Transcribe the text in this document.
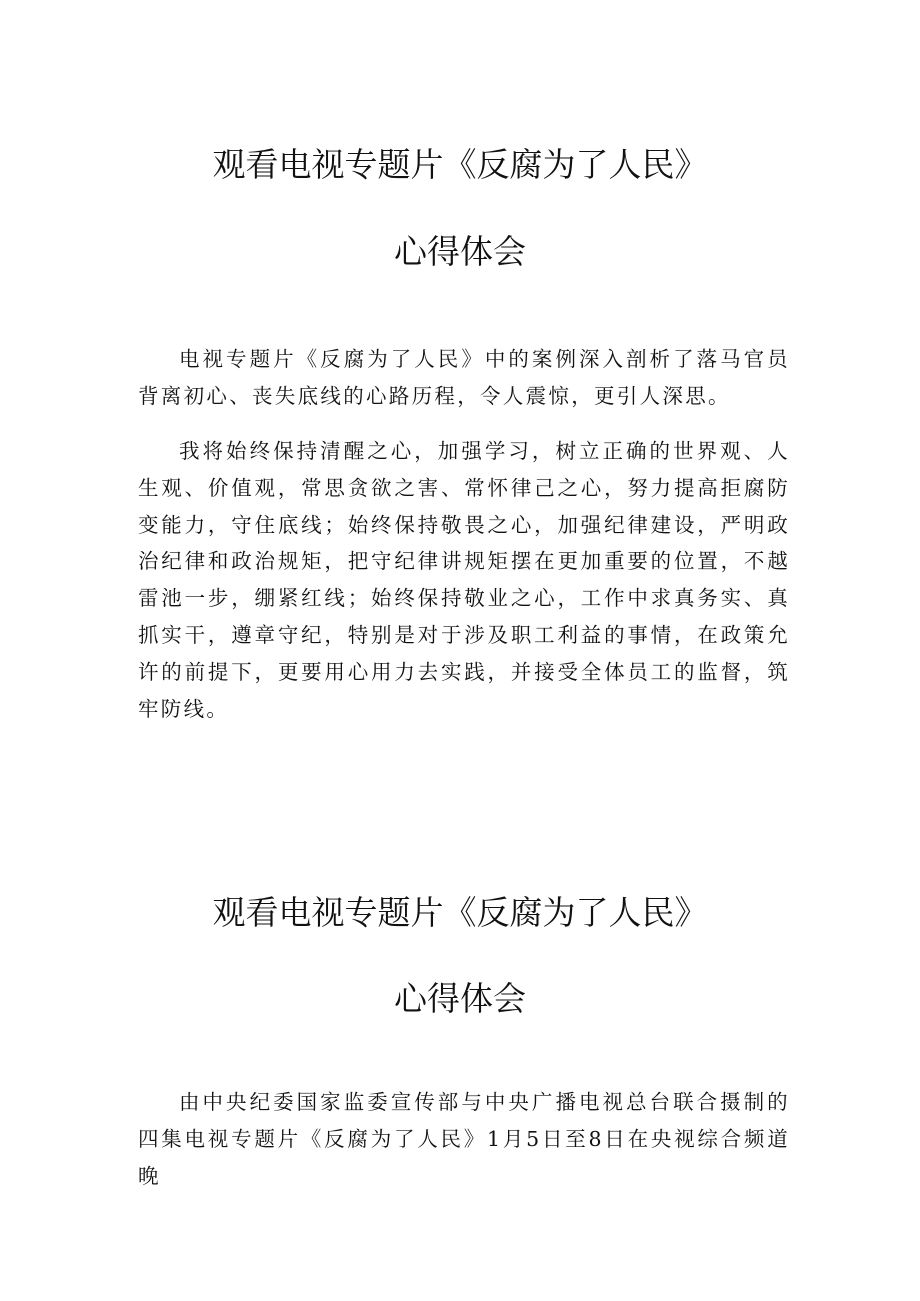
观看电视专题片《反腐为了人民》
心得体会

电视专题片《反腐为了人民》中的案例深入剖析了落马官员背离初心、丧失底线的心路历程，令人震惊，更引人深思。

我将始终保持清醒之心，加强学习，树立正确的世界观、人生观、价值观，常思贪欲之害、常怀律己之心，努力提高拒腐防变能力，守住底线；始终保持敬畏之心，加强纪律建设，严明政治纪律和政治规矩，把守纪律讲规矩摆在更加重要的位置，不越雷池一步，绷紧红线；始终保持敬业之心，工作中求真务实、真抓实干，遵章守纪，特别是对于涉及职工利益的事情，在政策允许的前提下，更要用心用力去实践，并接受全体员工的监督，筑牢防线。

观看电视专题片《反腐为了人民》
心得体会

由中央纪委国家监委宣传部与中央广播电视总台联合摄制的四集电视专题片《反腐为了人民》1月5日至8日在央视综合频道晚
